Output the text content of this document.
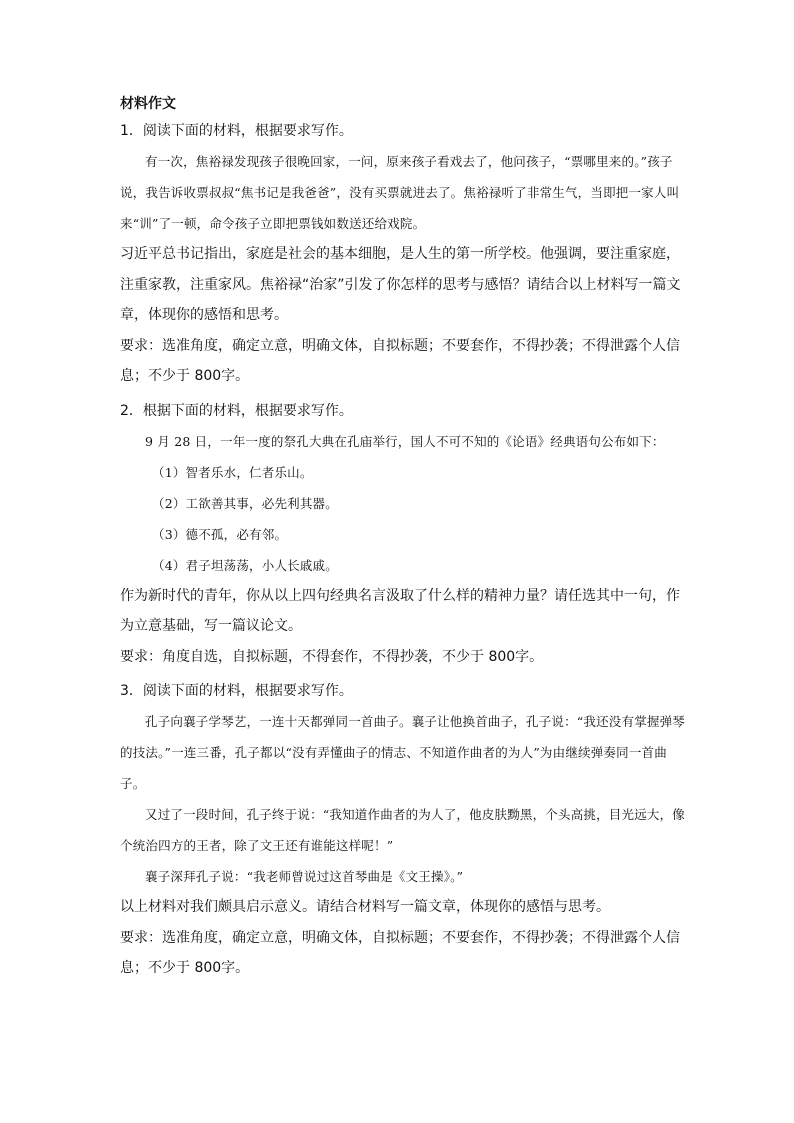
材料作文
1．阅读下面的材料，根据要求写作。

有一次，焦裕禄发现孩子很晚回家，一问，原来孩子看戏去了，他问孩子，“票哪里来的。”孩子说，我告诉收票叔叔“焦书记是我爸爸”，没有买票就进去了。焦裕禄听了非常生气，当即把一家人叫来“训”了一顿，命令孩子立即把票钱如数送还给戏院。

习近平总书记指出，家庭是社会的基本细胞，是人生的第一所学校。他强调，要注重家庭，注重家教，注重家风。焦裕禄“治家”引发了你怎样的思考与感悟？请结合以上材料写一篇文章，体现你的感悟和思考。

要求：选准角度，确定立意，明确文体，自拟标题；不要套作，不得抄袭；不得泄露个人信息；不少于 800字。

2．根据下面的材料，根据要求写作。

9 月 28 日，一年一度的祭孔大典在孔庙举行，国人不可不知的《论语》经典语句公布如下：

（1）智者乐水，仁者乐山。

（2）工欲善其事，必先利其器。

（3）德不孤，必有邻。

（4）君子坦荡荡，小人长戚戚。

作为新时代的青年，你从以上四句经典名言汲取了什么样的精神力量？请任选其中一句，作为立意基础，写一篇议论文。

要求：角度自选，自拟标题，不得套作，不得抄袭，不少于 800字。

3．阅读下面的材料，根据要求写作。

孔子向襄子学琴艺，一连十天都弹同一首曲子。襄子让他换首曲子，孔子说：“我还没有掌握弹琴的技法。”一连三番，孔子都以“没有弄懂曲子的情志、不知道作曲者的为人”为由继续弹奏同一首曲子。

又过了一段时间，孔子终于说：“我知道作曲者的为人了，他皮肤黝黑，个头高挑，目光远大，像个统治四方的王者，除了文王还有谁能这样呢！”

襄子深拜孔子说：“我老师曾说过这首琴曲是《文王操》。”

以上材料对我们颇具启示意义。请结合材料写一篇文章，体现你的感悟与思考。

要求：选准角度，确定立意，明确文体，自拟标题；不要套作，不得抄袭；不得泄露个人信息；不少于 800字。
